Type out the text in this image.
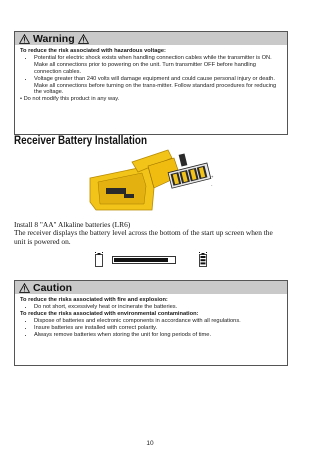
Warning
To reduce the risk associated with hazardous voltage:
• Potential for electric shock exists when handling connection cables while the transmitter is ON. Make all connections prior to powering on the unit. Turn transmitter OFF before handling connection cables.
• Voltage greater than 240 volts will damage equipment and could cause personal injury or death. Make all connections before turning on the trans-mitter. Follow standard procedures for reducing the voltage.
• Do not modify this product in any way.
Receiver Battery Installation
+
-
Install 8 "AA" Alkaline batteries (LR6)
The receiver displays the battery level across the bottom of the start up screen when the unit is powered on.
Caution
To reduce the risks associated with fire and explosion:
• Do not short, excessively heat or incinerate the batteries.
To reduce the risks associated with environmental contamination:
• Dispose of batteries and electronic components in accordance with all regulations.
• Insure batteries are installed with correct polarity.
• Always remove batteries when storing the unit for long periods of time.
10
